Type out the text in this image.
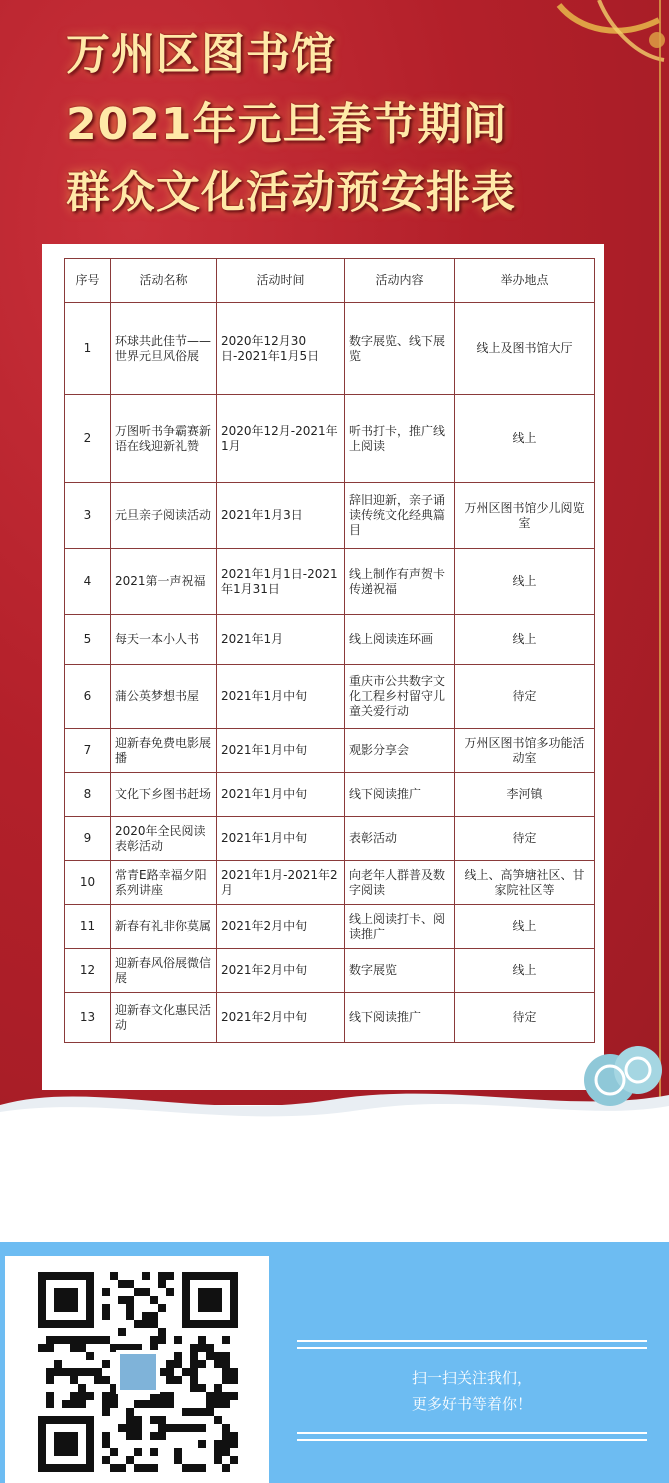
万州区图书馆
2021年元旦春节期间
群众文化活动预安排表
序号	活动名称	活动时间	活动内容	举办地点
1	环球共此佳节——世界元旦风俗展	2020年12月30日-2021年1月5日	数字展览、线下展览	线上及图书馆大厅
2	万图听书争霸赛新语在线迎新礼赞	2020年12月-2021年1月	听书打卡，推广线上阅读	线上
3	元旦亲子阅读活动	2021年1月3日	辞旧迎新，亲子诵读传统文化经典篇目	万州区图书馆少儿阅览室
4	2021第一声祝福	2021年1月1日-2021年1月31日	线上制作有声贺卡传递祝福	线上
5	每天一本小人书	2021年1月	线上阅读连环画	线上
6	蒲公英梦想书屋	2021年1月中旬	重庆市公共数字文化工程乡村留守儿童关爱行动	待定
7	迎新春免费电影展播	2021年1月中旬	观影分享会	万州区图书馆多功能活动室
8	文化下乡图书赶场	2021年1月中旬	线下阅读推广	李河镇
9	2020年全民阅读表彰活动	2021年1月中旬	表彰活动	待定
10	常青E路幸福夕阳系列讲座	2021年1月-2021年2月	向老年人群普及数字阅读	线上、高笋塘社区、甘家院社区等
11	新春有礼非你莫属	2021年2月中旬	线上阅读打卡、阅读推广	线上
12	迎新春风俗展微信展	2021年2月中旬	数字展览	线上
13	迎新春文化惠民活动	2021年2月中旬	线下阅读推广	待定
扫一扫关注我们，
更多好书等着你！
